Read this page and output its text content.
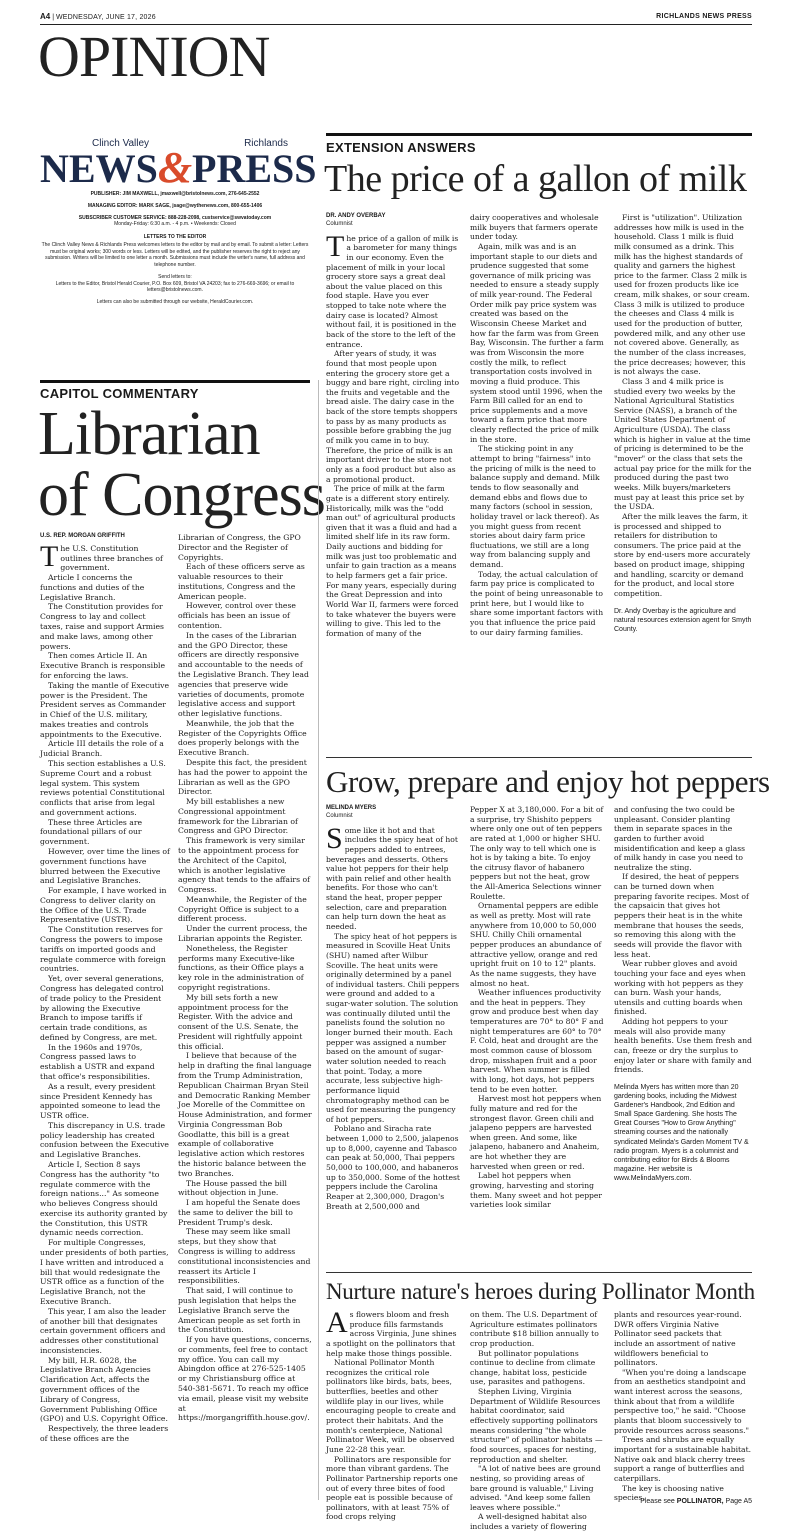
A4 | WEDNESDAY, JUNE 17, 2026	RICHLANDS NEWS PRESS
OPINION
Clinch Valley	Richlands
NEWS&PRESS

PUBLISHER: JIM MAXWELL, jmaxwell@bristolnews.com, 276-645-2552

MANAGING EDITOR: MARK SAGE, jsage@wythenews.com, 800-655-1406

SUBSCRIBER CUSTOMER SERVICE: 888-228-2098, custservice@swvatoday.com
Monday-Friday: 6:30 a.m. - 4 p.m. • Weekends: Closed

LETTERS TO THE EDITOR

The Clinch Valley News & Richlands Press welcomes letters to the editor by mail and by email. To submit a letter: Letters must be original works; 300 words or less. Letters will be edited, and the publisher reserves the right to reject any submission. Writers will be limited to one letter a month. Submissions must include the writer's name, full address and telephone number.

Send letters to:

Letters to the Editor, Bristol Herald Courier, P.O. Box 609, Bristol VA 24203; fax to 276-669-3696; or email to letters@bristolnews.com.

Letters can also be submitted through our website, HeraldCourier.com.

EXTENSION ANSWERS
The price of a gallon of milk
DR. ANDY OVERBAY
Columnist

The price of a gallon of milk is a barometer for many things in our economy. Even the placement of milk in your local grocery store says a great deal about the value placed on this food staple. Have you ever stopped to take note where the dairy case is located? Almost without fail, it is positioned in the back of the store to the left of the entrance.

After years of study, it was found that most people upon entering the grocery store get a buggy and bare right, circling into the fruits and vegetable and the bread aisle. The dairy case in the back of the store tempts shoppers to pass by as many products as possible before grabbing the jug of milk you came in to buy. Therefore, the price of milk is an important driver to the store not only as a food product but also as a promotional product.

The price of milk at the farm gate is a different story entirely. Historically, milk was the "odd man out" of agricultural products given that it was a fluid and had a limited shelf life in its raw form. Daily auctions and bidding for milk was just too problematic and unfair to gain traction as a means to help farmers get a fair price. For many years, especially during the Great Depression and into World War II, farmers were forced to take whatever the buyers were willing to give. This led to the formation of many of the

dairy cooperatives and wholesale milk buyers that farmers operate under today.

Again, milk was and is an important staple to our diets and prudence suggested that some governance of milk pricing was needed to ensure a steady supply of milk year-round. The Federal Order milk pay price system was created was based on the Wisconsin Cheese Market and how far the farm was from Green Bay, Wisconsin. The further a farm was from Wisconsin the more costly the milk, to reflect transportation costs involved in moving a fluid produce. This system stood until 1996, when the Farm Bill called for an end to price supplements and a move toward a farm price that more clearly reflected the price of milk in the store.

The sticking point in any attempt to bring "fairness" into the pricing of milk is the need to balance supply and demand. Milk tends to flow seasonally and demand ebbs and flows due to many factors (school in session, holiday travel or lack thereof). As you might guess from recent stories about dairy farm price fluctuations, we still are a long way from balancing supply and demand.

Today, the actual calculation of farm pay price is complicated to the point of being unreasonable to print here, but I would like to share some important factors with you that influence the price paid to our dairy farming families.

First is "utilization". Utilization addresses how milk is used in the household. Class 1 milk is fluid milk consumed as a drink. This milk has the highest standards of quality and garners the highest price to the farmer. Class 2 milk is used for frozen products like ice cream, milk shakes, or sour cream. Class 3 milk is utilized to produce the cheeses and Class 4 milk is used for the production of butter, powdered milk, and any other use not covered above. Generally, as the number of the class increases, the price decreases; however, this is not always the case.

Class 3 and 4 milk price is studied every two weeks by the National Agricultural Statistics Service (NASS), a branch of the United States Department of Agriculture (USDA). The class which is higher in value at the time of pricing is determined to be the "mover" or the class that sets the actual pay price for the milk for the produced during the past two weeks. Milk buyers/marketers must pay at least this price set by the USDA.

After the milk leaves the farm, it is processed and shipped to retailers for distribution to consumers. The price paid at the store by end-users more accurately based on product image, shipping and handling, scarcity or demand for the product, and local store competition.

Dr. Andy Overbay is the agriculture and natural resources extension agent for Smyth County.

CAPITOL COMMENTARY
Librarian
of Congress
U.S. REP. MORGAN GRIFFITH

The U.S. Constitution outlines three branches of government.

Article I concerns the functions and duties of the Legislative Branch.

The Constitution provides for Congress to lay and collect taxes, raise and support Armies and make laws, among other powers.

Then comes Article II. An Executive Branch is responsible for enforcing the laws.

Taking the mantle of Executive power is the President. The President serves as Commander in Chief of the U.S. military, makes treaties and controls appointments to the Executive.

Article III details the role of a Judicial Branch.

This section establishes a U.S. Supreme Court and a robust legal system. This system reviews potential Constitutional conflicts that arise from legal and government actions.

These three Articles are foundational pillars of our government.

However, over time the lines of government functions have blurred between the Executive and Legislative Branches.

For example, I have worked in Congress to deliver clarity on the Office of the U.S. Trade Representative (USTR).

The Constitution reserves for Congress the powers to impose tariffs on imported goods and regulate commerce with foreign countries.

Yet, over several generations, Congress has delegated control of trade policy to the President by allowing the Executive Branch to impose tariffs if certain trade conditions, as defined by Congress, are met.

In the 1960s and 1970s, Congress passed laws to establish a USTR and expand that office's responsibilities.

As a result, every president since President Kennedy has appointed someone to lead the USTR office.

This discrepancy in U.S. trade policy leadership has created confusion between the Executive and Legislative Branches.

Article I, Section 8 says Congress has the authority "to regulate commerce with the foreign nations..." As someone who believes Congress should exercise its authority granted by the Constitution, this USTR dynamic needs correction.

For multiple Congresses, under presidents of both parties, I have written and introduced a bill that would redesignate the USTR office as a function of the Legislative Branch, not the Executive Branch.

This year, I am also the leader of another bill that designates certain government officers and addresses other constitutional inconsistencies.

My bill, H.R. 6028, the Legislative Branch Agencies Clarification Act, affects the government offices of the Library of Congress, Government Publishing Office (GPO) and U.S. Copyright Office.

Respectively, the three leaders of these offices are the

Librarian of Congress, the GPO Director and the Register of Copyrights.

Each of these officers serve as valuable resources to their institutions, Congress and the American people.

However, control over these officials has been an issue of contention.

In the cases of the Librarian and the GPO Director, these officers are directly responsive and accountable to the needs of the Legislative Branch. They lead agencies that preserve wide varieties of documents, promote legislative access and support other legislative functions.

Meanwhile, the job that the Register of the Copyrights Office does properly belongs with the Executive Branch.

Despite this fact, the president has had the power to appoint the Librarian as well as the GPO Director.

My bill establishes a new Congressional appointment framework for the Librarian of Congress and GPO Director.

This framework is very similar to the appointment process for the Architect of the Capitol, which is another legislative agency that tends to the affairs of Congress.

Meanwhile, the Register of the Copyright Office is subject to a different process.

Under the current process, the Librarian appoints the Register.

Nonetheless, the Register performs many Executive-like functions, as their Office plays a key role in the administration of copyright registrations.

My bill sets forth a new appointment process for the Register. With the advice and consent of the U.S. Senate, the President will rightfully appoint this official.

I believe that because of the help in drafting the final language from the Trump Administration, Republican Chairman Bryan Steil and Democratic Ranking Member Joe Morelle of the Committee on House Administration, and former Virginia Congressman Bob Goodlatte, this bill is a great example of collaborative legislative action which restores the historic balance between the two Branches.

The House passed the bill without objection in June.

I am hopeful the Senate does the same to deliver the bill to President Trump's desk.

These may seem like small steps, but they show that Congress is willing to address constitutional inconsistencies and reassert its Article I responsibilities.

That said, I will continue to push legislation that helps the Legislative Branch serve the American people as set forth in the Constitution.

If you have questions, concerns, or comments, feel free to contact my office. You can call my Abingdon office at 276-525-1405 or my Christiansburg office at 540-381-5671. To reach my office via email, please visit my website at https://morgangriffith.house.gov/.

Grow, prepare and enjoy hot peppers
MELINDA MYERS
Columnist

Some like it hot and that includes the spicy heat of hot peppers added to entrees, beverages and desserts. Others value hot peppers for their help with pain relief and other health benefits. For those who can't stand the heat, proper pepper selection, care and preparation can help turn down the heat as needed.

The spicy heat of hot peppers is measured in Scoville Heat Units (SHU) named after Wilbur Scoville. The heat units were originally determined by a panel of individual tasters. Chili peppers were ground and added to a sugar-water solution. The solution was continually diluted until the panelists found the solution no longer burned their mouth. Each pepper was assigned a number based on the amount of sugar-water solution needed to reach that point. Today, a more accurate, less subjective high-performance liquid chromatography method can be used for measuring the pungency of hot peppers.

Poblano and Siracha rate between 1,000 to 2,500, jalapenos up to 8,000, cayenne and Tabasco can peak at 50,000, Thai peppers 50,000 to 100,000, and habaneros up to 350,000. Some of the hottest peppers include the Carolina Reaper at 2,300,000, Dragon's Breath at 2,500,000 and

Pepper X at 3,180,000. For a bit of a surprise, try Shishito peppers where only one out of ten peppers are rated at 1,000 or higher SHU. The only way to tell which one is hot is by taking a bite. To enjoy the citrusy flavor of habanero peppers but not the heat, grow the All-America Selections winner Roulette.

Ornamental peppers are edible as well as pretty. Most will rate anywhere from 10,000 to 50,000 SHU. Chilly Chili ornamental pepper produces an abundance of attractive yellow, orange and red upright fruit on 10 to 12" plants. As the name suggests, they have almost no heat.

Weather influences productivity and the heat in peppers. They grow and produce best when day temperatures are 70° to 80° F and night temperatures are 60° to 70° F. Cold, heat and drought are the most common cause of blossom drop, misshapen fruit and a poor harvest. When summer is filled with long, hot days, hot peppers tend to be even hotter.

Harvest most hot peppers when fully mature and red for the strongest flavor. Green chili and jalapeno peppers are harvested when green. And some, like jalapeno, habanero and Anaheim, are hot whether they are harvested when green or red.

Label hot peppers when growing, harvesting and storing them. Many sweet and hot pepper varieties look similar

and confusing the two could be unpleasant. Consider planting them in separate spaces in the garden to further avoid misidentification and keep a glass of milk handy in case you need to neutralize the sting.

If desired, the heat of peppers can be turned down when preparing favorite recipes. Most of the capsaicin that gives hot peppers their heat is in the white membrane that houses the seeds, so removing this along with the seeds will provide the flavor with less heat.

Wear rubber gloves and avoid touching your face and eyes when working with hot peppers as they can burn. Wash your hands, utensils and cutting boards when finished.

Adding hot peppers to your meals will also provide many health benefits. Use them fresh and can, freeze or dry the surplus to enjoy later or share with family and friends.

Melinda Myers has written more than 20 gardening books, including the Midwest Gardener's Handbook, 2nd Edition and Small Space Gardening. She hosts The Great Courses "How to Grow Anything" streaming courses and the nationally syndicated Melinda's Garden Moment TV & radio program. Myers is a columnist and contributing editor for Birds & Blooms magazine. Her website is www.MelindaMyers.com.

Nurture nature's heroes during Pollinator Month

As flowers bloom and fresh produce fills farmstands across Virginia, June shines a spotlight on the pollinators that help make those things possible.

National Pollinator Month recognizes the critical role pollinators like birds, bats, bees, butterflies, beetles and other wildlife play in our lives, while encouraging people to create and protect their habitats. And the month's centerpiece, National Pollinator Week, will be observed June 22-28 this year.

Pollinators are responsible for more than vibrant gardens. The Pollinator Partnership reports one out of every three bites of food people eat is possible because of pollinators, with at least 75% of food crops relying

on them. The U.S. Department of Agriculture estimates pollinators contribute $18 billion annually to crop production.

But pollinator populations continue to decline from climate change, habitat loss, pesticide use, parasites and pathogens.

Stephen Living, Virginia Department of Wildlife Resources habitat coordinator, said effectively supporting pollinators means considering "the whole structure" of pollinator habitats — food sources, spaces for nesting, reproduction and shelter.

"A lot of native bees are ground nesting, so providing areas of bare ground is valuable," Living advised. "And keep some fallen leaves where possible."

A well-designed habitat also includes a variety of flowering

plants and resources year-round. DWR offers Virginia Native Pollinator seed packets that include an assortment of native wildflowers beneficial to pollinators.

"When you're doing a landscape from an aesthetics standpoint and want interest across the seasons, think about that from a wildlife perspective too," he said. "Choose plants that bloom successively to provide resources across seasons."

Trees and shrubs are equally important for a sustainable habitat. Native oak and black cherry trees support a range of butterflies and caterpillars.

The key is choosing native species.

Please see POLLINATOR, Page A5
